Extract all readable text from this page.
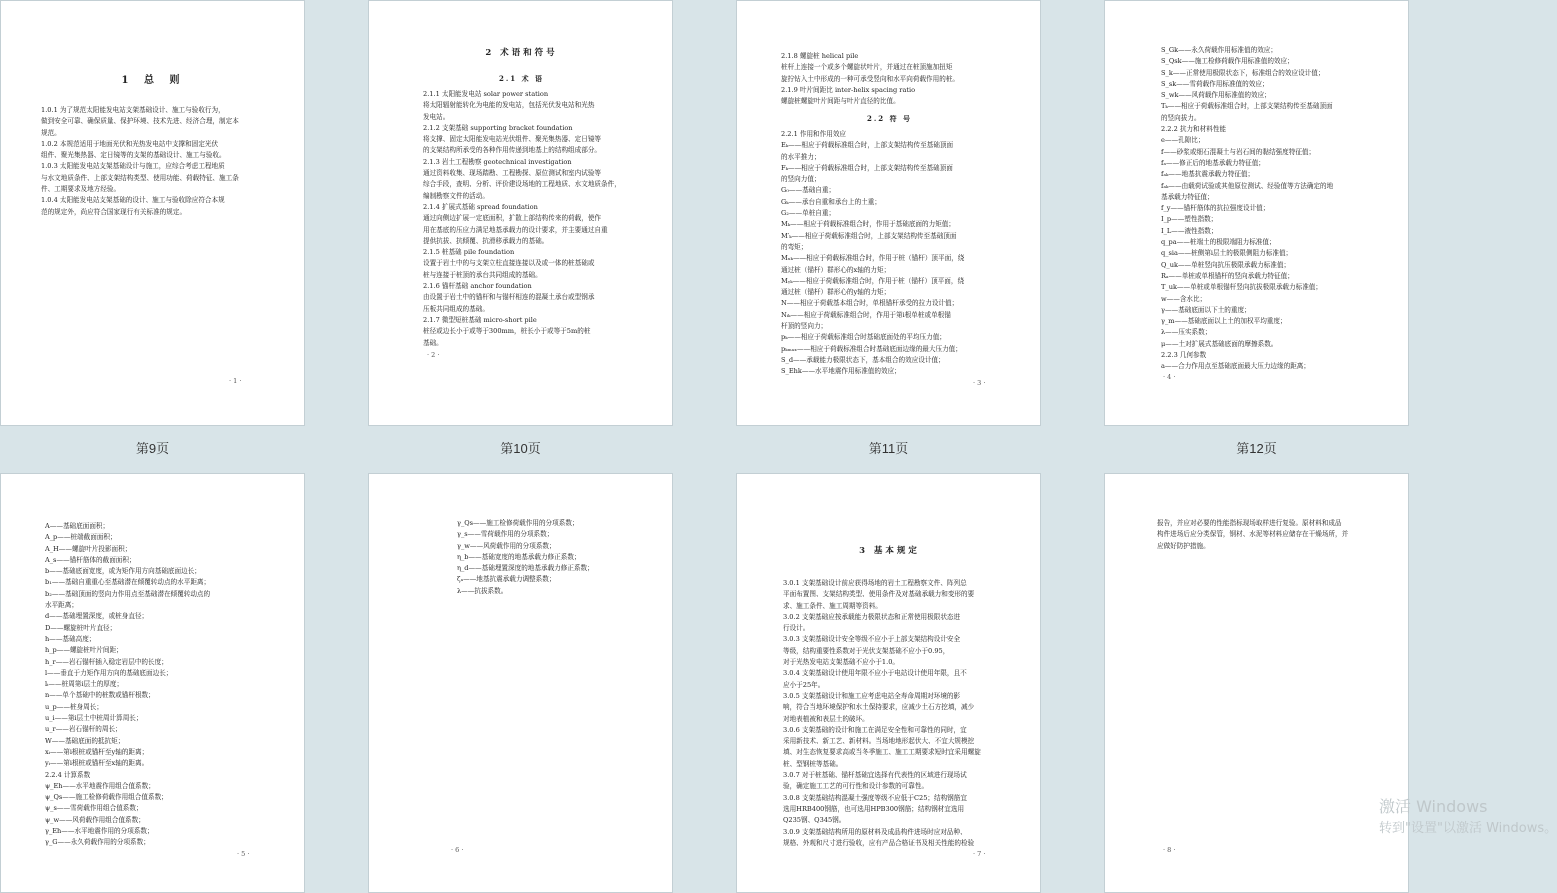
1 总 则
1.0.1 为了规范太阳能发电站支架基础设计、施工与验收行为，
做到安全可靠、确保质量、保护环境、技术先进、经济合理，制定本
规范。
1.0.2 本规范适用于地面光伏和光热发电站中支撑和固定光伏
组件、聚光集热器、定日镜等的支架的基础设计、施工与验收。
1.0.3 太阳能发电站支架基础设计与施工，应综合考虑工程地质
与水文地质条件、上部支架结构类型、使用功能、荷载特征、施工条
件、工期要求及地方经验。
1.0.4 太阳能发电站支架基础的设计、施工与验收除应符合本规
范的规定外，尚应符合国家现行有关标准的规定。
· 1 ·
第9页
2 术语和符号
2.1 术 语
2.1.1 太阳能发电站 solar power station
将太阳辐射能转化为电能的发电站，包括光伏发电站和光热
发电站。
2.1.2 支架基础 supporting bracket foundation
将支撑、固定太阳能发电站光伏组件、聚光集热器、定日镜等
的支架结构所承受的各种作用传递到地基上的结构组成部分。
2.1.3 岩土工程勘察 geotechnical investigation
通过资料收集、现场踏勘、工程勘探、原位测试和室内试验等
综合手段，查明、分析、评价建设场地的工程地质、水文地质条件，
编制勘察文件的活动。
2.1.4 扩展式基础 spread foundation
通过向侧边扩展一定底面积，扩散上部结构传来的荷载，使作
用在基底的压应力满足地基承载力的设计要求，并主要通过自重
提供抗拔、抗倾覆、抗滑移承载力的基础。
2.1.5 桩基础 pile foundation
设置于岩土中的与支架立柱直接连接以及或一体的桩基础或
桩与连接于桩顶的承台共同组成的基础。
2.1.6 锚杆基础 anchor foundation
由设置于岩土中的锚杆和与锚杆相连的混凝土承台或型钢承
压板共同组成的基础。
2.1.7 微型短桩基础 micro-short pile
桩径或边长小于或等于300mm，桩长小于或等于5m的桩
基础。
· 2 ·
第10页
2.1.8 螺旋桩 helical pile
桩杆上连接一个或多个螺旋状叶片，并通过在桩顶施加扭矩
旋拧钻入土中形成的一种可承受竖向和水平向荷载作用的桩。
2.1.9 叶片间距比 inter-helix spacing ratio
螺旋桩螺旋叶片间距与叶片直径的比值。
2.2 符 号
2.2.1 作用和作用效应
Eₖ——相应于荷载标准组合时，上部支架结构传至基础顶面
的水平推力；
Fₖ——相应于荷载标准组合时，上部支架结构传至基础顶面
的竖向力值；
G₀——基础自重；
Gₖ——承台自重和承台上的土重；
G₂——单桩自重；
Mₖ——相应于荷载标准组合时，作用于基础底面的力矩值；
M′ₖ——相应于荷载标准组合时，上部支架结构传至基础顶面
的弯矩；
Mₓₖ——相应于荷载标准组合时，作用于桩（锚杆）顶平面，绕
通过桩（锚杆）群形心的x轴的力矩；
Mᵧₖ——相应于荷载标准组合时，作用于桩（锚杆）顶平面，绕
通过桩（锚杆）群形心的y轴的力矩；
N——相应于荷载基本组合时，单根锚杆承受的拉力设计值；
Nᵢₖ——相应于荷载标准组合时，作用于第i根单桩或单根锚
杆顶的竖向力；
pₖ——相应于荷载标准组合时基础底面处的平均压力值；
pₖₘₐₓ——相应于荷载标准组合时基础底面边缘的最大压力值；
S_d——承载能力极限状态下，基本组合的效应设计值；
S_Ehk——水平地震作用标准值的效应；
· 3 ·
第11页
S_Gk——永久荷载作用标准值的效应；
S_Qsk——施工检修荷载作用标准值的效应；
S_k——正常使用极限状态下，标准组合的效应设计值；
S_sk——雪荷载作用标准值的效应；
S_wk——风荷载作用标准值的效应；
Tₖ——相应于荷载标准组合时，上部支架结构传至基础顶面
的竖向拔力。
2.2.2 抗力和材料性能
e——孔隙比；
f——砂浆或细石混凝土与岩石间的黏结强度特征值；
fₐ——修正后的地基承载力特征值；
fₐₖ——地基抗震承载力特征值；
fₐₖ——由载荷试验或其他原位测试、经验值等方法确定的地
基承载力特征值；
f_y——锚杆筋体的抗拉强度设计值；
I_p——塑性指数；
I_L——液性指数；
q_pa——桩端土的极限端阻力标准值；
q_sia——桩侧第i层土的极限侧阻力标准值；
Q_uk——单桩竖向抗压极限承载力标准值；
Rₐ——单桩或单根锚杆的竖向承载力特征值；
T_uk——单桩或单根锚杆竖向抗拔极限承载力标准值；
w——含水比；
γ——基础底面以下土的重度；
γ_m——基础底面以上土的加权平均重度；
λ——压实系数；
μ——土对扩展式基础底面的摩擦系数。
2.2.3 几何参数
a——合力作用点至基础底面最大压力边缘的距离；
· 4 ·
第12页
A——基础底面面积；
A_p——桩端截面面积；
A_H——螺旋叶片投影面积；
A_s——锚杆筋体的截面面积；
b——基础底面宽度，或为矩作用方向基础底面边长；
b₁——基础自重重心至基础潜在倾覆转动点的水平距离；
b₂——基础顶面的竖向力作用点至基础潜在倾覆转动点的
水平距离；
d——基础埋置深度，或桩身直径；
D——螺旋桩叶片直径；
h——基础高度；
h_p——螺旋桩叶片间距；
h_r——岩石锚杆插入稳定岩层中的长度；
l——垂直于力矩作用方向的基础底面边长；
lᵢ——桩周第i层土的厚度；
n——单个基础中的桩数或锚杆根数；
u_p——桩身周长；
u_i——第i层土中桩周计算周长；
u_r——岩石锚杆的周长；
W——基础底面的抵抗矩；
xᵢ——第i根桩或锚杆至y轴的距离；
yᵢ——第i根桩或锚杆至x轴的距离。
2.2.4 计算系数
ψ_Eh——水平地震作用组合值系数；
ψ_Qs——施工检修荷载作用组合值系数；
ψ_s——雪荷载作用组合值系数；
ψ_w——风荷载作用组合值系数；
γ_Eh——水平地震作用的分项系数；
γ_G——永久荷载作用的分项系数；
· 5 ·
γ_Qs——施工检修荷载作用的分项系数；
γ_s——雪荷载作用的分项系数；
γ_w——风荷载作用的分项系数；
η_b——基础宽度的地基承载力修正系数；
η_d——基础埋置深度的地基承载力修正系数；
ζₐ——地基抗震承载力调整系数；
λ——抗拔系数。
· 6 ·
3 基本规定
3.0.1 支架基础设计前应获得场地的岩土工程勘察文件、阵列总
平面布置图、支架结构类型、使用条件及对基础承载力和变形的要
求、施工条件、施工周期等资料。
3.0.2 支架基础应按承载能力极限状态和正常使用极限状态进
行设计。
3.0.3 支架基础设计安全等级不应小于上部支架结构设计安全
等级，结构重要性系数对于光伏支架基础不应小于0.95，
对于光热发电站支架基础不应小于1.0。
3.0.4 支架基础设计使用年限不应小于电站设计使用年限，且不
应小于25年。
3.0.5 支架基础设计和施工应考虑电站全寿命周期对环境的影
响，符合当地环境保护和水土保持要求，应减少土石方挖填，减少
对地表植被和表层土的破坏。
3.0.6 支架基础的设计和施工在满足安全性和可靠性的同时，宜
采用新技术、新工艺、新材料。当场地地形起伏大、不宜大规模挖
填、对生态恢复要求高或当冬季施工、施工工期要求短时宜采用螺旋
桩、型钢桩等基础。
3.0.7 对于桩基础、锚杆基础宜选择有代表性的区域进行现场试
验，确定施工工艺的可行性和设计参数的可靠性。
3.0.8 支架基础结构混凝土强度等级不应低于C25；结构钢筋宜
选用HRB400钢筋，也可选用HPB300钢筋；结构钢材宜选用
Q235钢、Q345钢。
3.0.9 支架基础结构所用的原材料及成品构件进场时应对品种、
规格、外观和尺寸进行验收，应有产品合格证书及相关性能的检验
· 7 ·
报告，并应对必要的性能指标现场取样进行复验。原材料和成品
构件进场后应分类保管，钢材、水泥等材料应储存在干燥场所，并
应做好防护措施。
· 8 ·
激活 Windows
转到"设置"以激活 Windows。
